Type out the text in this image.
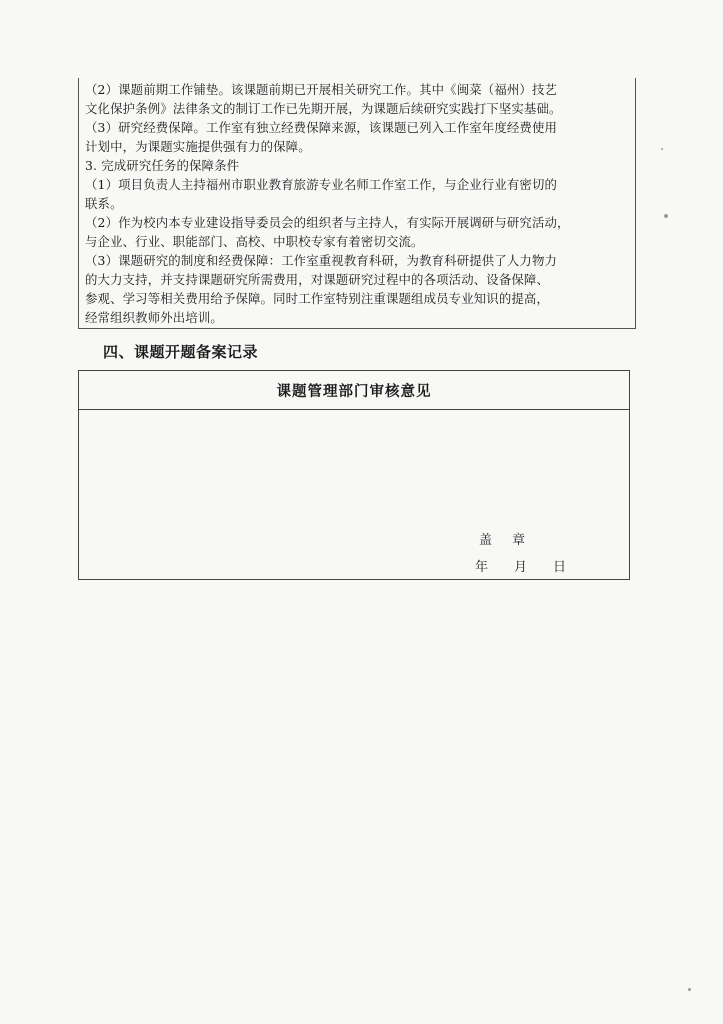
（2）课题前期工作铺垫。该课题前期已开展相关研究工作。其中《闽菜（福州）技艺
文化保护条例》法律条文的制订工作已先期开展，为课题后续研究实践打下坚实基础。
（3）研究经费保障。工作室有独立经费保障来源，该课题已列入工作室年度经费使用
计划中，为课题实施提供强有力的保障。
3. 完成研究任务的保障条件
（1）项目负责人主持福州市职业教育旅游专业名师工作室工作，与企业行业有密切的
联系。
（2）作为校内本专业建设指导委员会的组织者与主持人，有实际开展调研与研究活动，
与企业、行业、职能部门、高校、中职校专家有着密切交流。
（3）课题研究的制度和经费保障：工作室重视教育科研，为教育科研提供了人力物力
的大力支持，并支持课题研究所需费用，对课题研究过程中的各项活动、设备保障、
参观、学习等相关费用给予保障。同时工作室特别注重课题组成员专业知识的提高，
经常组织教师外出培训。
四、课题开题备案记录
课题管理部门审核意见
盖 章
年 月 日
